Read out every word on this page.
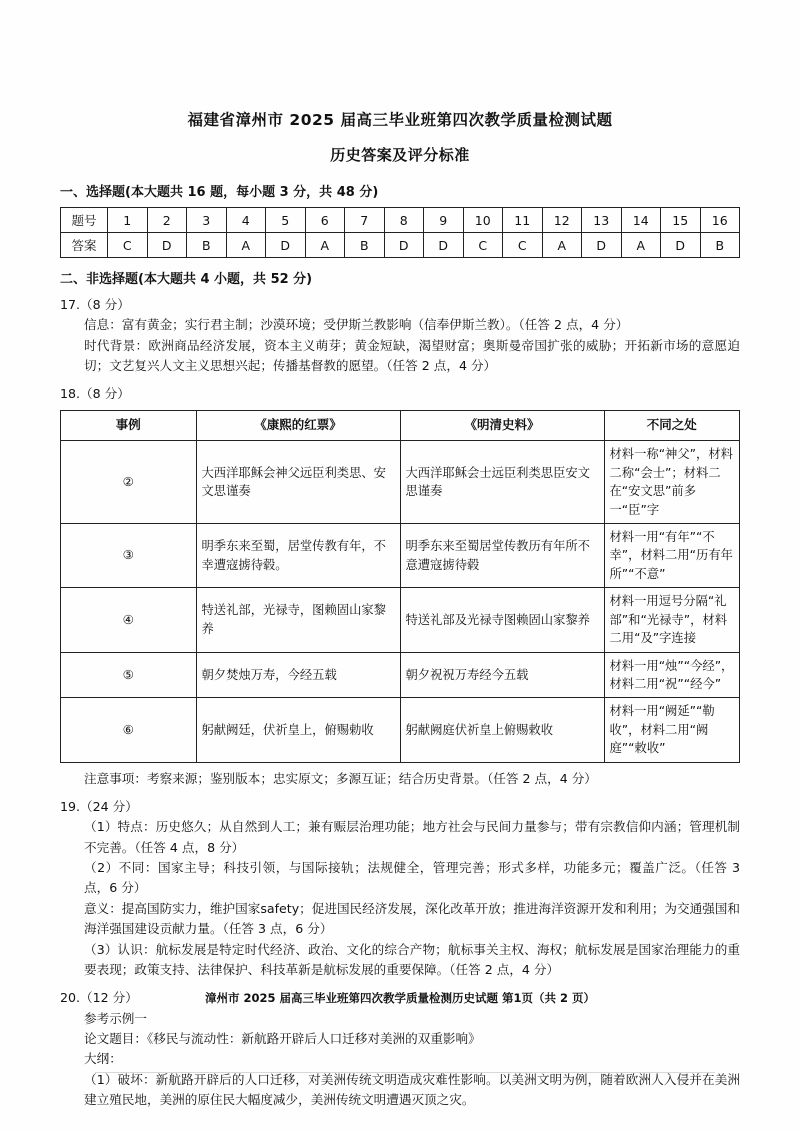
福建省漳州市 2025 届高三毕业班第四次教学质量检测试题
历史答案及评分标准
一、选择题(本大题共 16 题，每小题 3 分，共 48 分)
题号	1	2	3	4	5	6	7	8	9	10	11	12	13	14	15	16
答案	C	D	B	A	D	A	B	D	D	C	C	A	D	A	D	B
二、非选择题(本大题共 4 小题，共 52 分)
17.（8 分）
信息：富有黄金；实行君主制；沙漠环境；受伊斯兰教影响（信奉伊斯兰教）。（任答 2 点，4 分）
时代背景：欧洲商品经济发展，资本主义萌芽；黄金短缺，渴望财富；奥斯曼帝国扩张的威胁；开拓新市场的意愿迫切；文艺复兴人文主义思想兴起；传播基督教的愿望。（任答 2 点，4 分）
18.（8 分）
事例	《康熙的红票》	《明清史料》	不同之处
②	大西洋耶稣会神父远臣利类思、安文思谨奏	大西洋耶稣会士远臣利类思臣安文思谨奏	材料一称“神父”，材料二称“会士”；材料二在“安文思”前多一“臣”字
③	明季东来至蜀，居堂传教有年，不幸遭寇掳待毂。	明季东来至蜀居堂传教历有年所不意遭寇掳待毂	材料一用“有年”“不幸”，材料二用“历有年所”“不意”
④	特送礼部，光禄寺，图赖固山家黎养	特送礼部及光禄寺图赖固山家黎养	材料一用逗号分隔“礼部”和“光禄寺”，材料二用“及”字连接
⑤	朝夕焚烛万寿，今经五载	朝夕祝祝万寿经今五载	材料一用“烛”“今经”，材料二用“祝”“经今”
⑥	躬献阙廷，伏祈皇上，俯赐勅收	躬献阙庭伏祈皇上俯赐敕收	材料一用“阙延”“勒收”，材料二用“阙庭”“敕收”
注意事项：考察来源；鉴别版本；忠实原文；多源互证；结合历史背景。（任答 2 点，4 分）
19.（24 分）
（1）特点：历史悠久；从自然到人工；兼有赈层治理功能；地方社会与民间力量参与；带有宗教信仰内涵；管理机制不完善。（任答 4 点，8 分）
（2）不同：国家主导；科技引领，与国际接轨；法规健全，管理完善；形式多样，功能多元；覆盖广泛。（任答 3 点，6 分）
意义：提高国防实力，维护国家safety；促进国民经济发展，深化改革开放；推进海洋资源开发和利用；为交通强国和海洋强国建设贡献力量。（任答 3 点，6 分）
（3）认识：航标发展是特定时代经济、政治、文化的综合产物；航标事关主权、海权；航标发展是国家治理能力的重要表现；政策支持、法律保护、科技革新是航标发展的重要保障。（任答 2 点，4 分）
20.（12 分）
参考示例一
论文题目：《移民与流动性：新航路开辟后人口迁移对美洲的双重影响》
大纲：
（1）破坏：新航路开辟后的人口迁移，对美洲传统文明造成灾难性影响。以美洲文明为例，随着欧洲人入侵并在美洲建立殖民地，美洲的原住民大幅度减少，美洲传统文明遭遇灭顶之灾。
漳州市 2025 届高三毕业班第四次教学质量检测历史试题 第1页（共 2 页）
